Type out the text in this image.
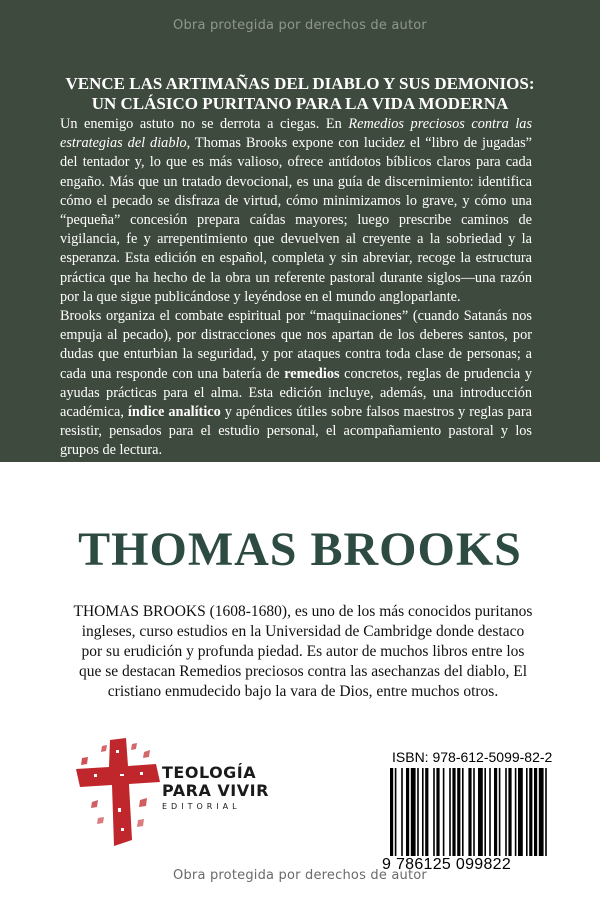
Obra protegida por derechos de autor
VENCE LAS ARTIMAÑAS DEL DIABLO Y SUS DEMONIOS:
UN CLÁSICO PURITANO PARA LA VIDA MODERNA

Un enemigo astuto no se derrota a ciegas. En Remedios preciosos contra las estrategias del diablo, Thomas Brooks expone con lucidez el “libro de jugadas” del tentador y, lo que es más valioso, ofrece antídotos bíblicos claros para cada engaño. Más que un tratado devocional, es una guía de discernimiento: identifica cómo el pecado se disfraza de virtud, cómo minimizamos lo grave, y cómo una “pequeña” concesión prepara caídas mayores; luego prescribe caminos de vigilancia, fe y arrepentimiento que devuelven al creyente a la sobriedad y la esperanza. Esta edición en español, completa y sin abreviar, recoge la estructura práctica que ha hecho de la obra un referente pastoral durante siglos—una razón por la que sigue publicándose y leyéndose en el mundo angloparlante.

Brooks organiza el combate espiritual por “maquinaciones” (cuando Satanás nos empuja al pecado), por distracciones que nos apartan de los deberes santos, por dudas que enturbian la seguridad, y por ataques contra toda clase de personas; a cada una responde con una batería de remedios concretos, reglas de prudencia y ayudas prácticas para el alma. Esta edición incluye, además, una introducción académica, índice analítico y apéndices útiles sobre falsos maestros y reglas para resistir, pensados para el estudio personal, el acompañamiento pastoral y los grupos de lectura.

THOMAS BROOKS
THOMAS BROOKS (1608-1680), es uno de los más conocidos puritanos ingleses, curso estudios en la Universidad de Cambridge donde destaco por su erudición y profunda piedad. Es autor de muchos libros entre los que se destacan Remedios preciosos contra las asechanzas del diablo, El cristiano enmudecido bajo la vara de Dios, entre muchos otros.
TEOLOGÍA
PARA VIVIR
EDITORIAL
ISBN: 978-612-5099-82-2
9 786125 099822
Obra protegida por derechos de autor
